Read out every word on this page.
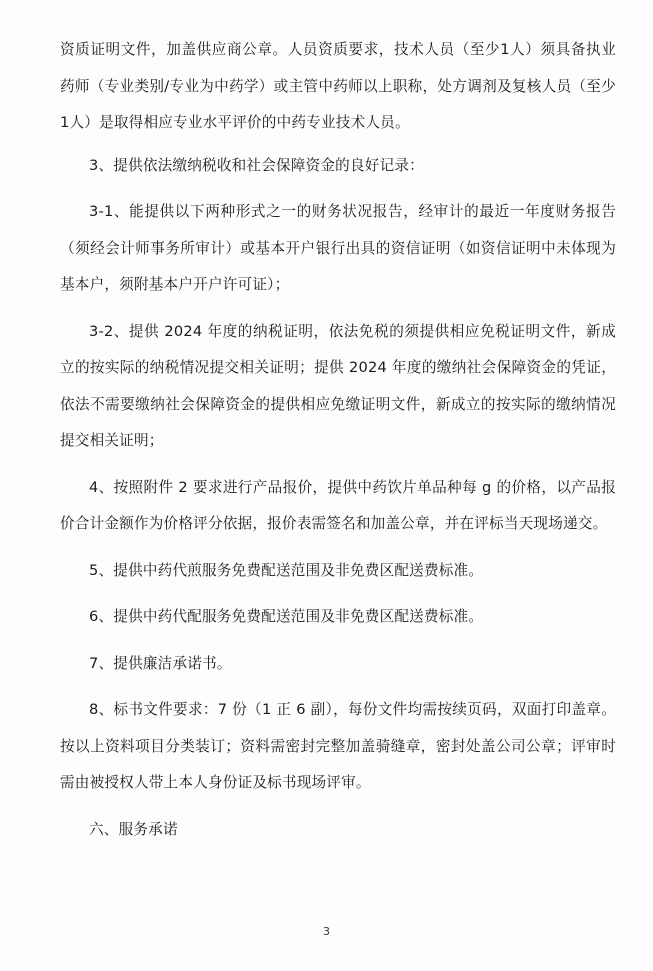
资质证明文件，加盖供应商公章。人员资质要求，技术人员（至少1人）须具备执业药师（专业类别/专业为中药学）或主管中药师以上职称，处方调剂及复核人员（至少1人）是取得相应专业水平评价的中药专业技术人员。

3、提供依法缴纳税收和社会保障资金的良好记录：

3-1、能提供以下两种形式之一的财务状况报告，经审计的最近一年度财务报告（须经会计师事务所审计）或基本开户银行出具的资信证明（如资信证明中未体现为基本户，须附基本户开户许可证）；

3-2、提供 2024 年度的纳税证明，依法免税的须提供相应免税证明文件，新成立的按实际的纳税情况提交相关证明；提供 2024 年度的缴纳社会保障资金的凭证，依法不需要缴纳社会保障资金的提供相应免缴证明文件，新成立的按实际的缴纳情况提交相关证明；

4、按照附件 2 要求进行产品报价，提供中药饮片单品种每 g 的价格，以产品报价合计金额作为价格评分依据，报价表需签名和加盖公章，并在评标当天现场递交。

5、提供中药代煎服务免费配送范围及非免费区配送费标准。

6、提供中药代配服务免费配送范围及非免费区配送费标准。

7、提供廉洁承诺书。

8、标书文件要求：7 份（1 正 6 副），每份文件均需按续页码，双面打印盖章。按以上资料项目分类装订；资料需密封完整加盖骑缝章，密封处盖公司公章；评审时需由被授权人带上本人身份证及标书现场评审。

六、服务承诺

3
